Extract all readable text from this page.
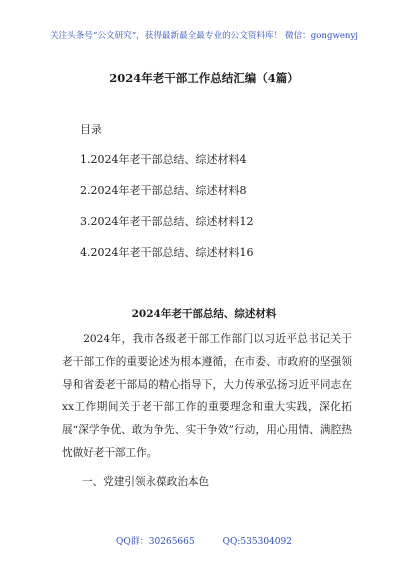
关注头条号“公文研究”，获得最新最全最专业的公文资料库！ 微信：gongwenyj
2024年老干部工作总结汇编（4篇）
目录
1.2024年老干部总结、综述材料4
2.2024年老干部总结、综述材料8
3.2024年老干部总结、综述材料12
4.2024年老干部总结、综述材料16
2024年老干部总结、综述材料

2024年，我市各级老干部工作部门以习近平总书记关于老干部工作的重要论述为根本遵循，在市委、市政府的坚强领导和省委老干部局的精心指导下，大力传承弘扬习近平同志在xx工作期间关于老干部工作的重要理念和重大实践，深化拓展“深学争优、敢为争先、实干争效”行动，用心用情、满腔热忱做好老干部工作。

一、党建引领永葆政治本色
QQ群：30265665	QQ:535304092
